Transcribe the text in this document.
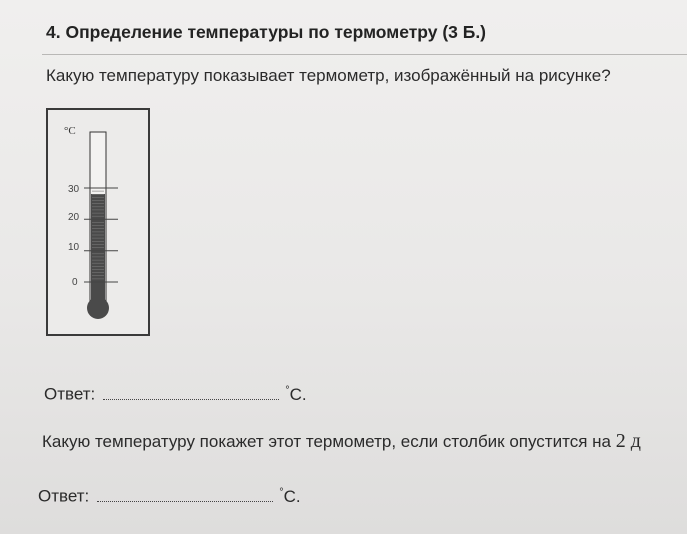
4. Определение температуры по термометру (3 Б.)
Какую температуру показывает термометр, изображённый на рисунке?
°C
30
20
10
0
Ответ:	°C.
Какую температуру покажет этот термометр, если столбик опустится на 2 д
Ответ:	°C.
